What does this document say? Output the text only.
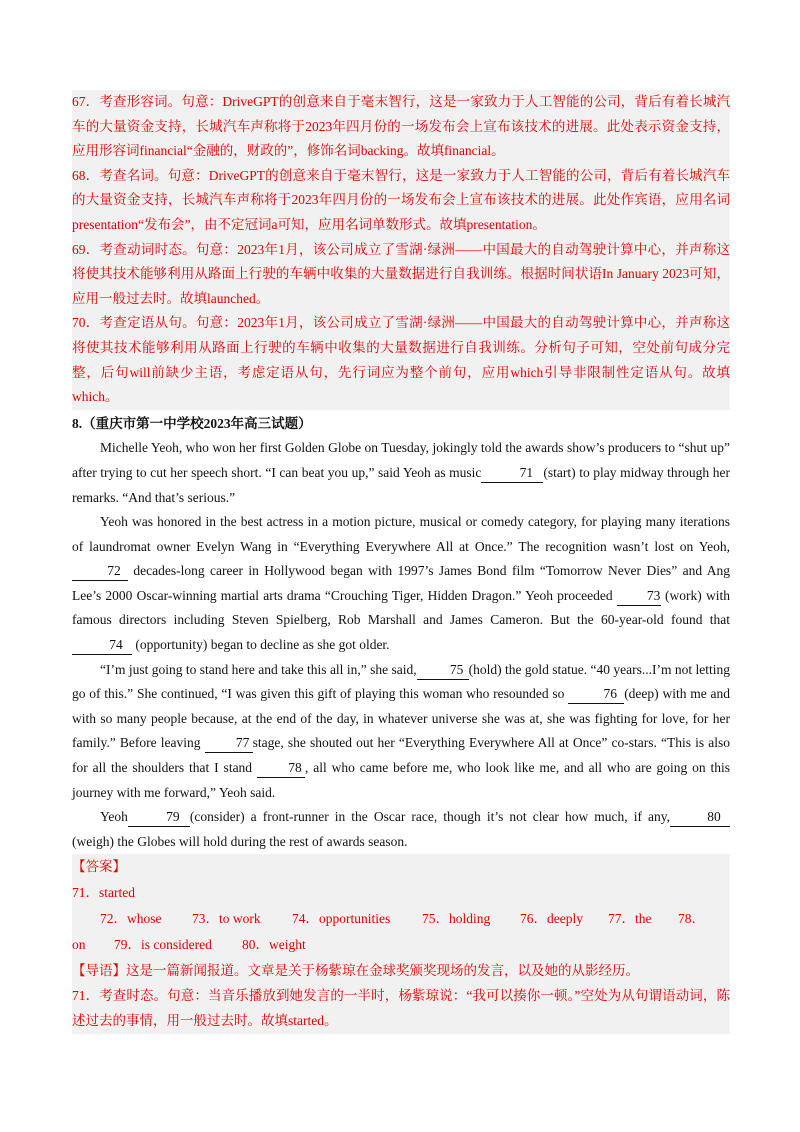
67．考查形容词。句意：DriveGPT的创意来自于毫末智行，这是一家致力于人工智能的公司，背后有着长城汽车的大量资金支持，长城汽车声称将于2023年四月份的一场发布会上宣布该技术的进展。此处表示资金支持，应用形容词financial“金融的，财政的”，修饰名词backing。故填financial。

68．考查名词。句意：DriveGPT的创意来自于毫末智行，这是一家致力于人工智能的公司，背后有着长城汽车的大量资金支持，长城汽车声称将于2023年四月份的一场发布会上宣布该技术的进展。此处作宾语，应用名词presentation“发布会”，由不定冠词a可知，应用名词单数形式。故填presentation。

69．考查动词时态。句意：2023年1月，该公司成立了雪湖·绿洲——中国最大的自动驾驶计算中心，并声称这将使其技术能够利用从路面上行驶的车辆中收集的大量数据进行自我训练。根据时间状语In January 2023可知，应用一般过去时。故填launched。

70．考查定语从句。句意：2023年1月，该公司成立了雪湖·绿洲——中国最大的自动驾驶计算中心，并声称这将使其技术能够利用从路面上行驶的车辆中收集的大量数据进行自我训练。分析句子可知，空处前句成分完整，后句will前缺少主语，考虑定语从句，先行词应为整个前句，应用which引导非限制性定语从句。故填which。

8.（重庆市第一中学校2023年高三试题）

Michelle Yeoh, who won her first Golden Globe on Tuesday, jokingly told the awards show’s producers to “shut up” after trying to cut her speech short. “I can beat you up,” said Yeoh as music	71 (start) to play midway through her remarks. “And that’s serious.”

Yeoh was honored in the best actress in a motion picture, musical or comedy category, for playing many iterations of laundromat owner Evelyn Wang in “Everything Everywhere All at Once.” The recognition wasn’t lost on Yeoh,72 decades-long career in Hollywood began with 1997’s James Bond film “Tomorrow Never Dies” and Ang Lee’s 2000 Oscar-winning martial arts drama “Crouching Tiger, Hidden Dragon.” Yeoh proceeded	73 (work) with famous directors including Steven Spielberg, Rob Marshall and James Cameron. But the 60-year-old found that 74 (opportunity) began to decline as she got older.

“I’m just going to stand here and take this all in,” she said, 75 (hold) the gold statue. “40 years...I’m not letting go of this.” She continued, “I was given this gift of playing this woman who resounded so	76 (deep) with me and with so many people because, at the end of the day, in whatever universe she was at, she was fighting for love, for her family.” Before leaving	77 stage, she shouted out her “Everything Everywhere All at Once” co-stars. “This is also for all the shoulders that I stand	78 , all who came before me, who look like me, and all who are going on this journey with me forward,” Yeoh said.

Yeoh	79 (consider) a front-runner in the Oscar race, though it’s not clear how much, if any,	80 (weigh) the Globes will hold during the rest of awards season.

【答案】
71．started
72．whose 73．to work 74．opportunities 75．holding 76．deeply 77．the 78．
on 79．is considered 80．weight
【导语】这是一篇新闻报道。文章是关于杨紫琼在金球奖颁奖现场的发言，以及她的从影经历。

71．考查时态。句意：当音乐播放到她发言的一半时，杨紫琼说：“我可以揍你一顿。”空处为从句谓语动词，陈述过去的事情，用一般过去时。故填started。
